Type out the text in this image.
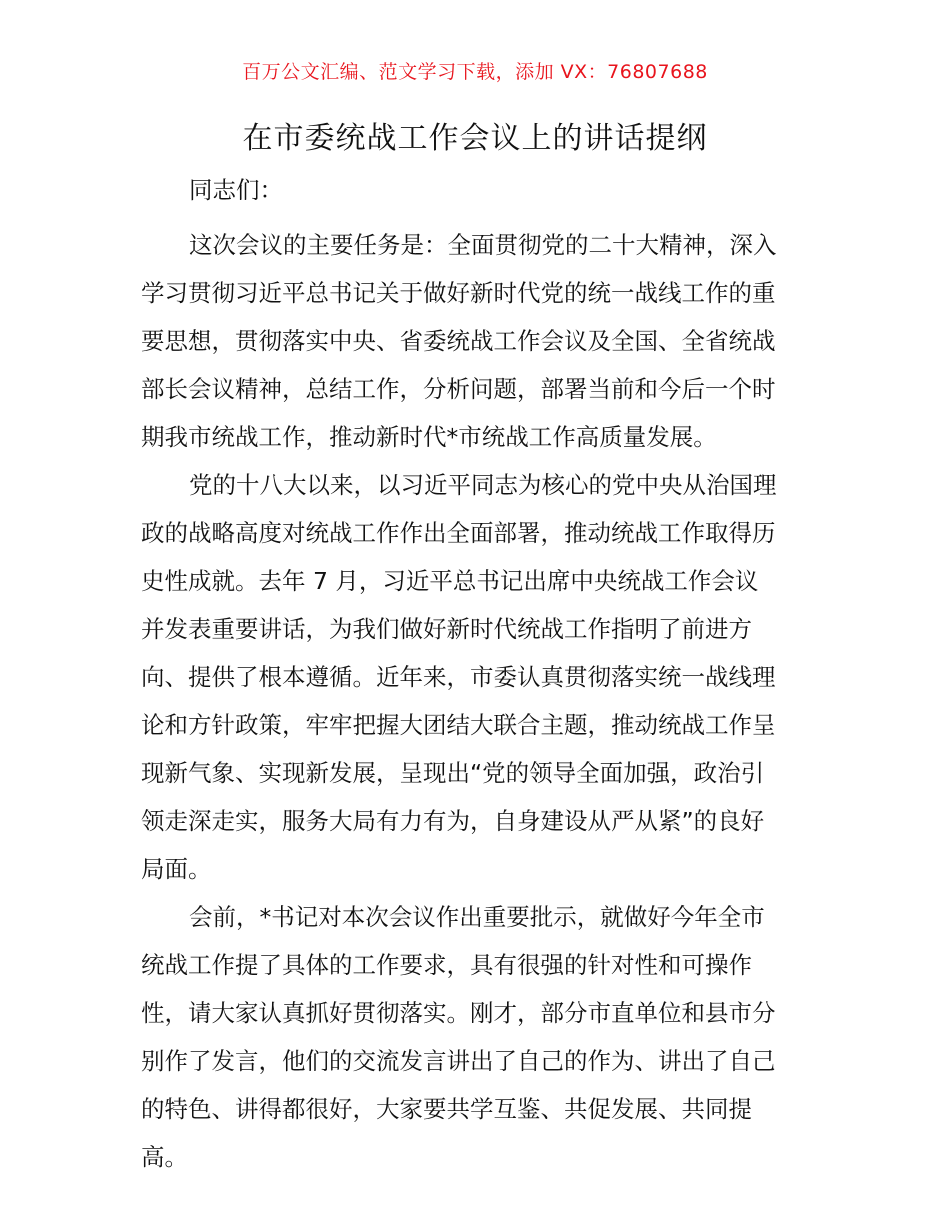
百万公文汇编、范文学习下载，添加 VX：76807688
在市委统战工作会议上的讲话提纲
同志们：
这次会议的主要任务是：全面贯彻党的二十大精神，深入
学习贯彻习近平总书记关于做好新时代党的统一战线工作的重
要思想，贯彻落实中央、省委统战工作会议及全国、全省统战
部长会议精神，总结工作，分析问题，部署当前和今后一个时
期我市统战工作，推动新时代*市统战工作高质量发展。
党的十八大以来，以习近平同志为核心的党中央从治国理
政的战略高度对统战工作作出全面部署，推动统战工作取得历
史性成就。去年 7 月，习近平总书记出席中央统战工作会议
并发表重要讲话，为我们做好新时代统战工作指明了前进方
向、提供了根本遵循。近年来，市委认真贯彻落实统一战线理
论和方针政策，牢牢把握大团结大联合主题，推动统战工作呈
现新气象、实现新发展，呈现出“党的领导全面加强，政治引
领走深走实，服务大局有力有为，自身建设从严从紧”的良好
局面。
会前，*书记对本次会议作出重要批示，就做好今年全市
统战工作提了具体的工作要求，具有很强的针对性和可操作
性，请大家认真抓好贯彻落实。刚才，部分市直单位和县市分
别作了发言，他们的交流发言讲出了自己的作为、讲出了自己
的特色、讲得都很好，大家要共学互鉴、共促发展、共同提
高。
